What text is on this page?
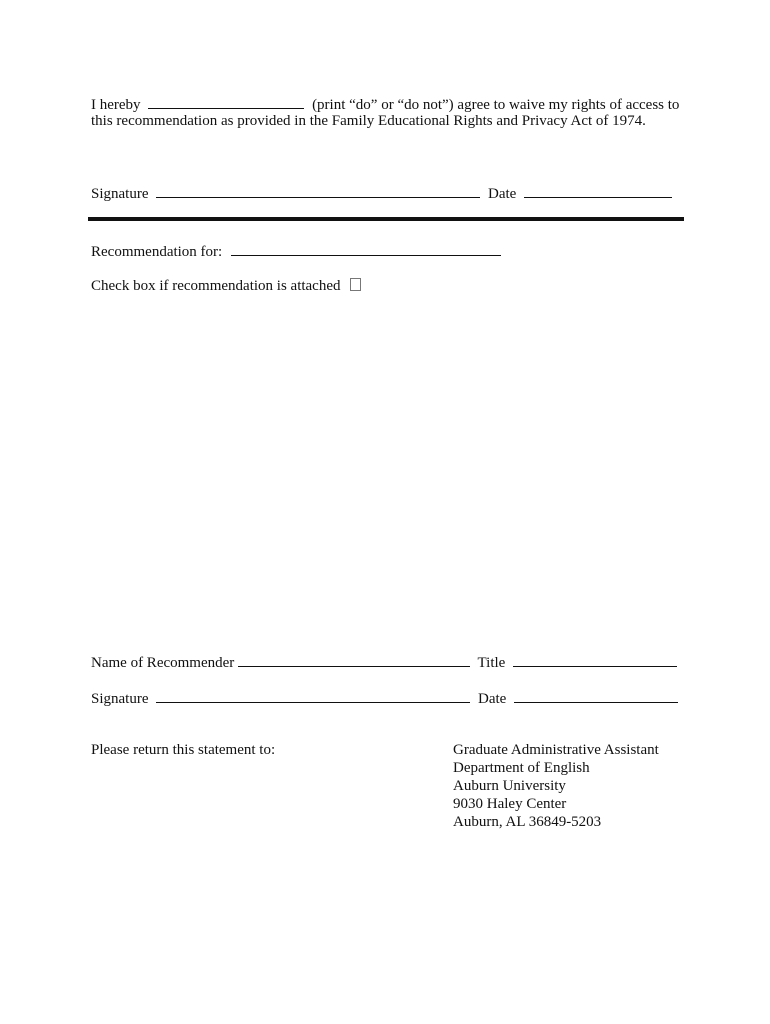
I hereby	(print “do” or “do not”) agree to waive my rights of access to
this recommendation as provided in the Family Educational Rights and Privacy Act of 1974.
Signature	Date
Recommendation for:
Check box if recommendation is attached
Name of Recommender	Title
Signature	Date
Please return this statement to:	Graduate Administrative Assistant
Department of English
Auburn University
9030 Haley Center
Auburn, AL 36849-5203
